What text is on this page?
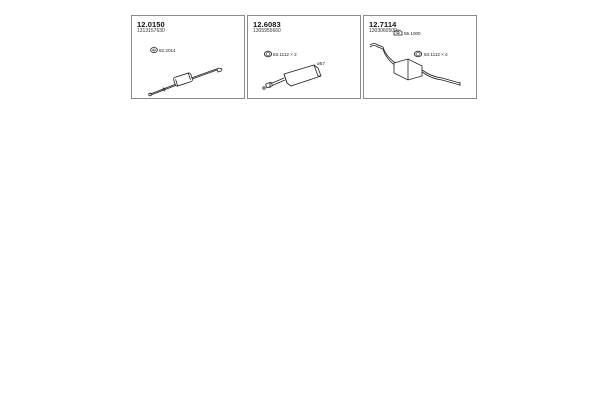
12.0150
1313157630
82.2014
12.6083
1305955660
83.1112 × 2
ø57
12.7114
1303060500 55.1000
83.1112 × 4
